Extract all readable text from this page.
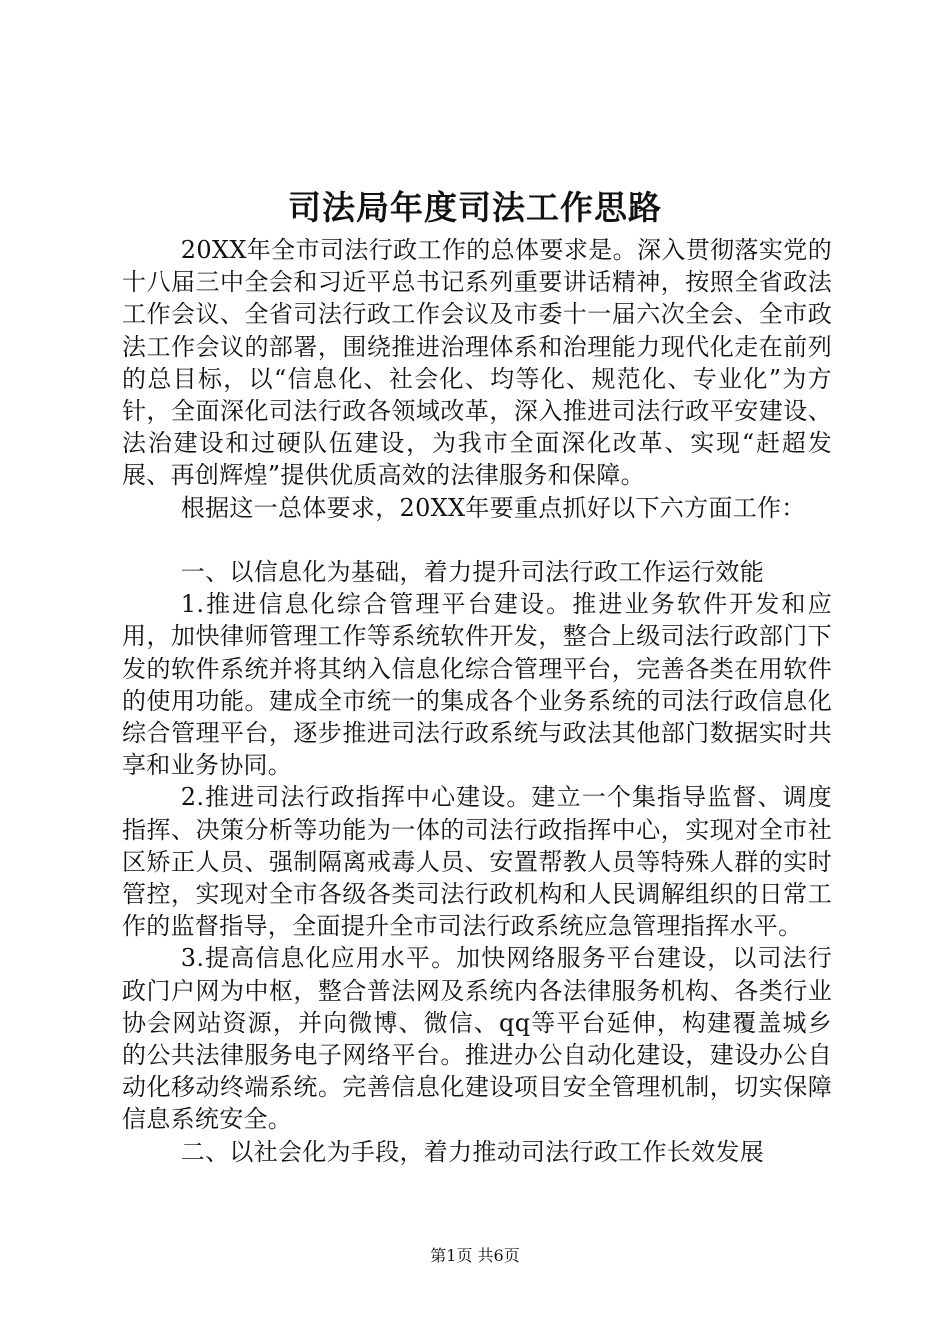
司法局年度司法工作思路

20XX年全市司法行政工作的总体要求是。深入贯彻落实党的十八届三中全会和习近平总书记系列重要讲话精神，按照全省政法工作会议、全省司法行政工作会议及市委十一届六次全会、全市政法工作会议的部署，围绕推进治理体系和治理能力现代化走在前列的总目标，以“信息化、社会化、均等化、规范化、专业化”为方针，全面深化司法行政各领域改革，深入推进司法行政平安建设、法治建设和过硬队伍建设，为我市全面深化改革、实现“赶超发展、再创辉煌”提供优质高效的法律服务和保障。

根据这一总体要求，20XX年要重点抓好以下六方面工作：

一、以信息化为基础，着力提升司法行政工作运行效能

1.推进信息化综合管理平台建设。推进业务软件开发和应用，加快律师管理工作等系统软件开发，整合上级司法行政部门下发的软件系统并将其纳入信息化综合管理平台，完善各类在用软件的使用功能。建成全市统一的集成各个业务系统的司法行政信息化综合管理平台，逐步推进司法行政系统与政法其他部门数据实时共享和业务协同。

2.推进司法行政指挥中心建设。建立一个集指导监督、调度指挥、决策分析等功能为一体的司法行政指挥中心，实现对全市社区矫正人员、强制隔离戒毒人员、安置帮教人员等特殊人群的实时管控，实现对全市各级各类司法行政机构和人民调解组织的日常工作的监督指导，全面提升全市司法行政系统应急管理指挥水平。

3.提高信息化应用水平。加快网络服务平台建设，以司法行政门户网为中枢，整合普法网及系统内各法律服务机构、各类行业协会网站资源，并向微博、微信、qq等平台延伸，构建覆盖城乡的公共法律服务电子网络平台。推进办公自动化建设，建设办公自动化移动终端系统。完善信息化建设项目安全管理机制，切实保障信息系统安全。

二、以社会化为手段，着力推动司法行政工作长效发展

第1页 共6页
